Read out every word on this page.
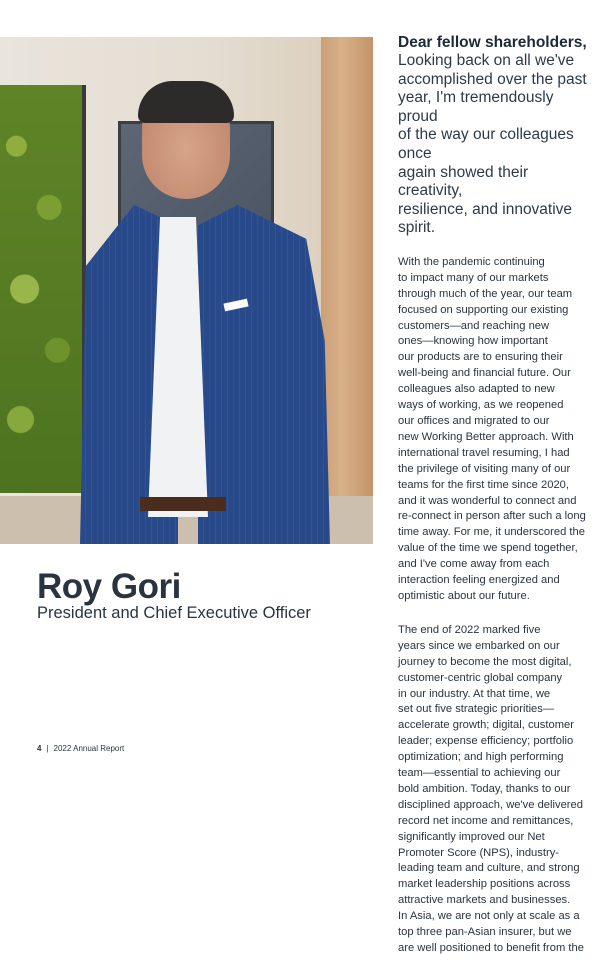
Roy Gori

President and Chief Executive Officer

Dear fellow shareholders,

Looking back on all we've
accomplished over the past
year, I'm tremendously proud
of the way our colleagues once
again showed their creativity,
resilience, and innovative spirit.

With the pandemic continuing
to impact many of our markets
through much of the year, our team
focused on supporting our existing
customers—and reaching new
ones—knowing how important
our products are to ensuring their
well-being and financial future. Our
colleagues also adapted to new
ways of working, as we reopened
our offices and migrated to our
new Working Better approach. With
international travel resuming, I had
the privilege of visiting many of our
teams for the first time since 2020,
and it was wonderful to connect and
re-connect in person after such a long
time away. For me, it underscored the
value of the time we spend together,
and I've come away from each
interaction feeling energized and
optimistic about our future.

The end of 2022 marked five
years since we embarked on our
journey to become the most digital,
customer-centric global company
in our industry. At that time, we
set out five strategic priorities—
accelerate growth; digital, customer
leader; expense efficiency; portfolio
optimization; and high performing
team—essential to achieving our
bold ambition. Today, thanks to our
disciplined approach, we've delivered
record net income and remittances,
significantly improved our Net
Promoter Score (NPS), industry-
leading team and culture, and strong
market leadership positions across
attractive markets and businesses.
In Asia, we are not only at scale as a
top three pan-Asian insurer, but we
are well positioned to benefit from the

4 | 2022 Annual Report
